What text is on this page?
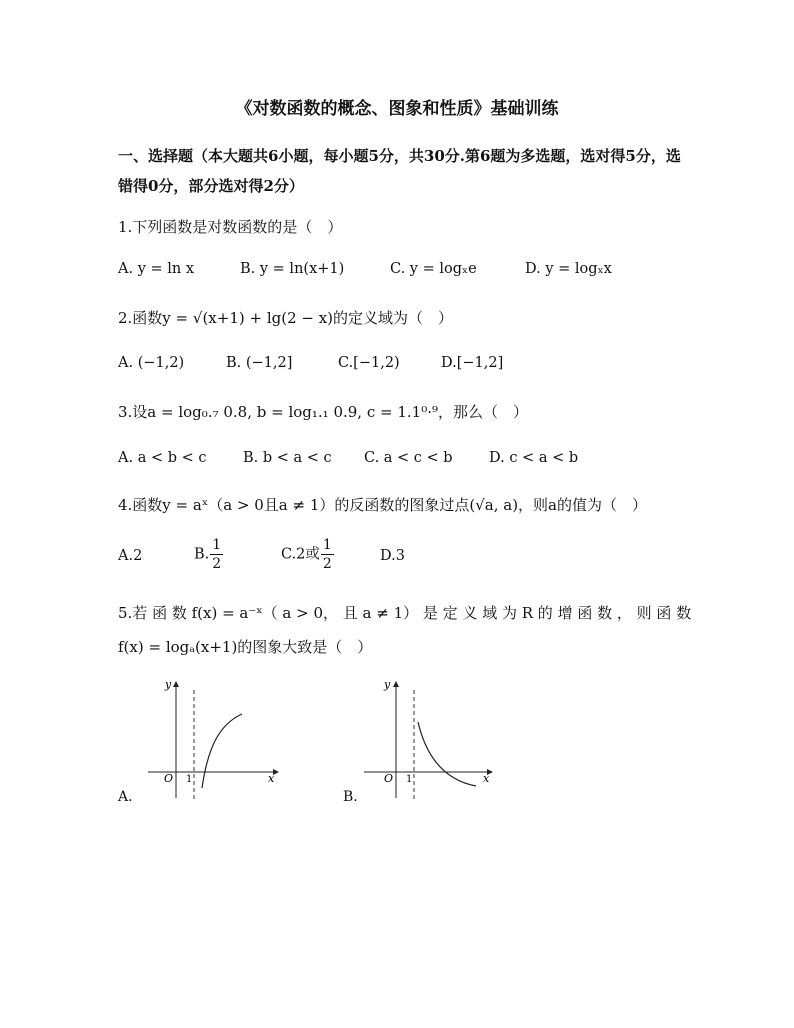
《对数函数的概念、图象和性质》基础训练
一、选择题（本大题共6小题，每小题5分，共30分.第6题为多选题，选对得5分，选
错得0分，部分选对得2分）
1.下列函数是对数函数的是（　）
A. y = ln x	B. y = ln(x+1)	C. y = logₓe	D. y = logₓx
2.函数y = √(x+1) + lg(2 − x)的定义域为（　）
A. (−1,2)	B. (−1,2]	C.[−1,2)	D.[−1,2]
3.设a = log₀.₇ 0.8, b = log₁.₁ 0.9, c = 1.1⁰·⁹，那么（　）
A. a < b < c	B. b < a < c C. a < c < b	D. c < a < b
4.函数y = aˣ（a > 0且a ≠ 1）的反函数的图象过点(√a, a)，则a的值为（　）
A.2	B. $\frac{1}{2}$	C.2或 $\frac{1}{2}$	D.3
5.若 函 数 f(x) = a⁻ˣ（ a > 0， 且 a ≠ 1） 是 定 义 域 为 R 的 增 函 数 ， 则 函 数
f(x) = logₐ(x+1)的图象大致是（　）
y
x
O 1
A.
y
x
O 1
B.
